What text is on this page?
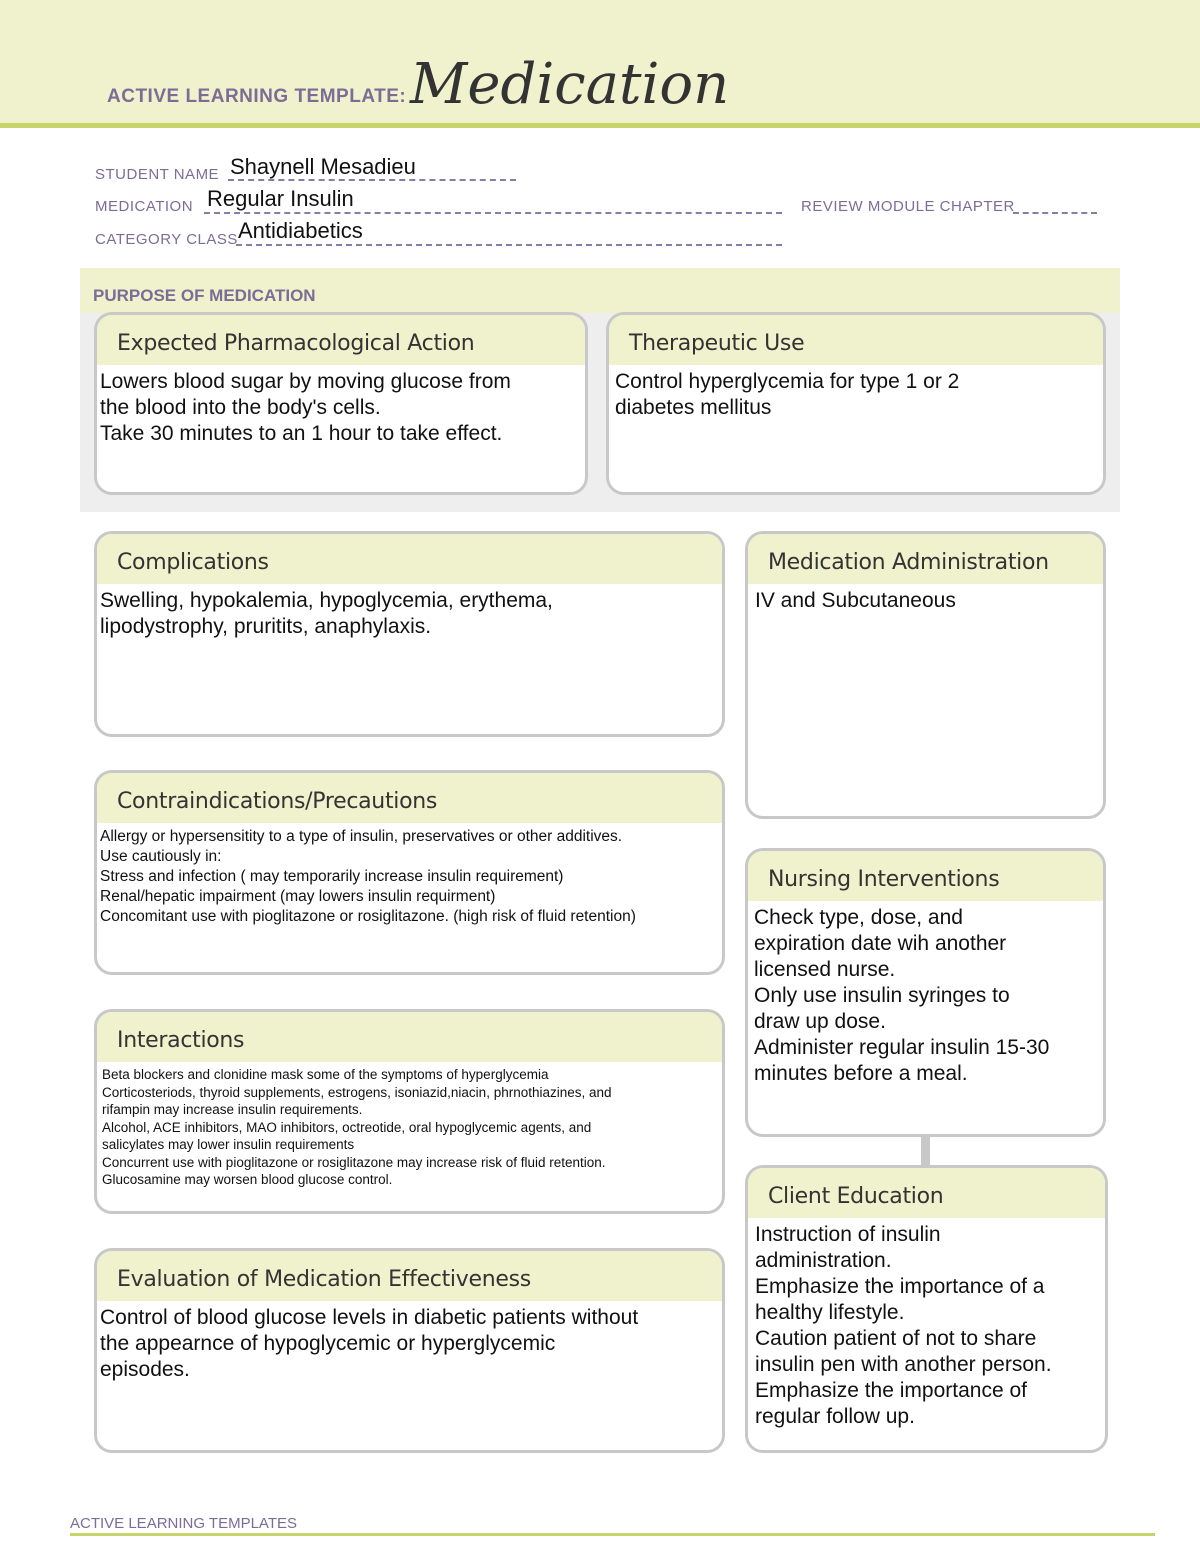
ACTIVE LEARNING TEMPLATE: Medication
STUDENT NAME Shaynell Mesadieu
MEDICATION Regular Insulin	REVIEW MODULE CHAPTER
CATEGORY CLASS Antidiabetics
PURPOSE OF MEDICATION
Expected Pharmacological Action
Lowers blood sugar by moving glucose from
the blood into the body's cells.
Take 30 minutes to an 1 hour to take effect.
Therapeutic Use
Control hyperglycemia for type 1 or 2
diabetes mellitus
Complications
Swelling, hypokalemia, hypoglycemia, erythema,
lipodystrophy, pruritits, anaphylaxis.
Medication Administration
IV and Subcutaneous
Contraindications/Precautions
Allergy or hypersensitity to a type of insulin, preservatives or other additives.
Use cautiously in:
Stress and infection ( may temporarily increase insulin requirement)
Renal/hepatic impairment (may lowers insulin requirment)
Concomitant use with pioglitazone or rosiglitazone. (high risk of fluid retention)
Nursing Interventions
Check type, dose, and
expiration date wih another
licensed nurse.
Only use insulin syringes to
draw up dose.
Administer regular insulin 15-30
minutes before a meal.
Interactions
Beta blockers and clonidine mask some of the symptoms of hyperglycemia
Corticosteriods, thyroid supplements, estrogens, isoniazid,niacin, phrnothiazines, and
rifampin may increase insulin requirements.
Alcohol, ACE inhibitors, MAO inhibitors, octreotide, oral hypoglycemic agents, and
salicylates may lower insulin requirements
Concurrent use with pioglitazone or rosiglitazone may increase risk of fluid retention.
Glucosamine may worsen blood glucose control.
Client Education
Instruction of insulin
administration.
Emphasize the importance of a
healthy lifestyle.
Caution patient of not to share
insulin pen with another person.
Emphasize the importance of
regular follow up.
Evaluation of Medication Effectiveness
Control of blood glucose levels in diabetic patients without
the appearnce of hypoglycemic or hyperglycemic
episodes.
ACTIVE LEARNING TEMPLATES
